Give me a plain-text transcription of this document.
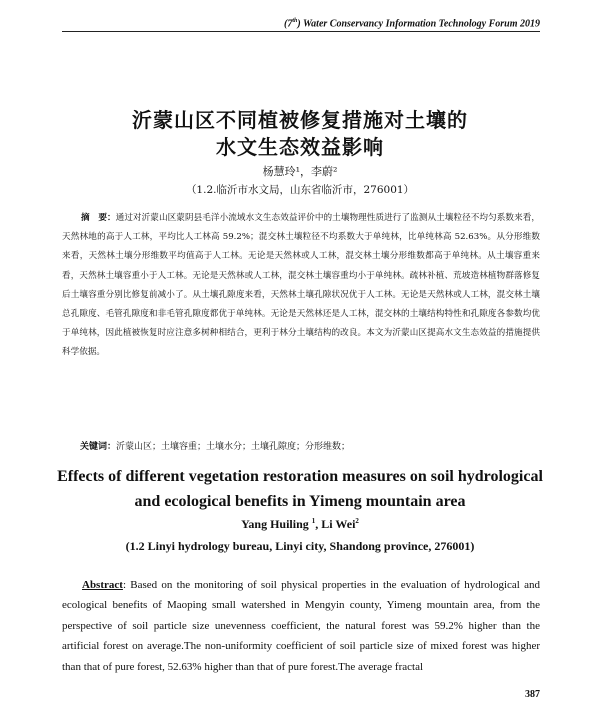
(7th) Water Conservancy Information Technology Forum 2019
沂蒙山区不同植被修复措施对土壤的
水文生态效益影响
杨慧玲¹，李蔚²
（1.2.临沂市水文局，山东省临沂市，276001）
摘　要：通过对沂蒙山区蒙阴县毛洋小流域水文生态效益评价中的土壤物理性质进行了监测从土壤粒径不均匀系数来看，天然林地的高于人工林，平均比人工林高 59.2%；混交林土壤粒径不均系数大于单纯林，比单纯林高 52.63%。从分形维数来看，天然林土壤分形维数平均值高于人工林。无论是天然林或人工林，混交林土壤分形维数都高于单纯林。从土壤容重来看，天然林土壤容重小于人工林。无论是天然林或人工林，混交林土壤容重均小于单纯林。疏林补植、荒坡造林植物群落修复后土壤容重分别比修复前减小了。从土壤孔隙度来看，天然林土壤孔隙状况优于人工林。无论是天然林或人工林，混交林土壤总孔隙度、毛管孔隙度和非毛管孔隙度都优于单纯林。无论是天然林还是人工林，混交林的土壤结构特性和孔隙度各参数均优于单纯林，因此植被恢复时应注意多树种相结合，更利于林分土壤结构的改良。本文为沂蒙山区提高水文生态效益的措施提供科学依据。
关键词：沂蒙山区；土壤容重；土壤水分；土壤孔隙度；分形维数；
Effects of different vegetation restoration measures on soil hydrological
and ecological benefits in Yimeng mountain area
Yang Huiling $^1$, Li Wei$^2$
(1.2 Linyi hydrology bureau, Linyi city, Shandong province, 276001)
Abstract: Based on the monitoring of soil physical properties in the evaluation of hydrological and ecological benefits of Maoping small watershed in Mengyin county, Yimeng mountain area, from the perspective of soil particle size unevenness coefficient, the natural forest was 59.2% higher than the artificial forest on average.The non-uniformity coefficient of soil particle size of mixed forest was higher than that of pure forest, 52.63% higher than that of pure forest.The average fractal
387
